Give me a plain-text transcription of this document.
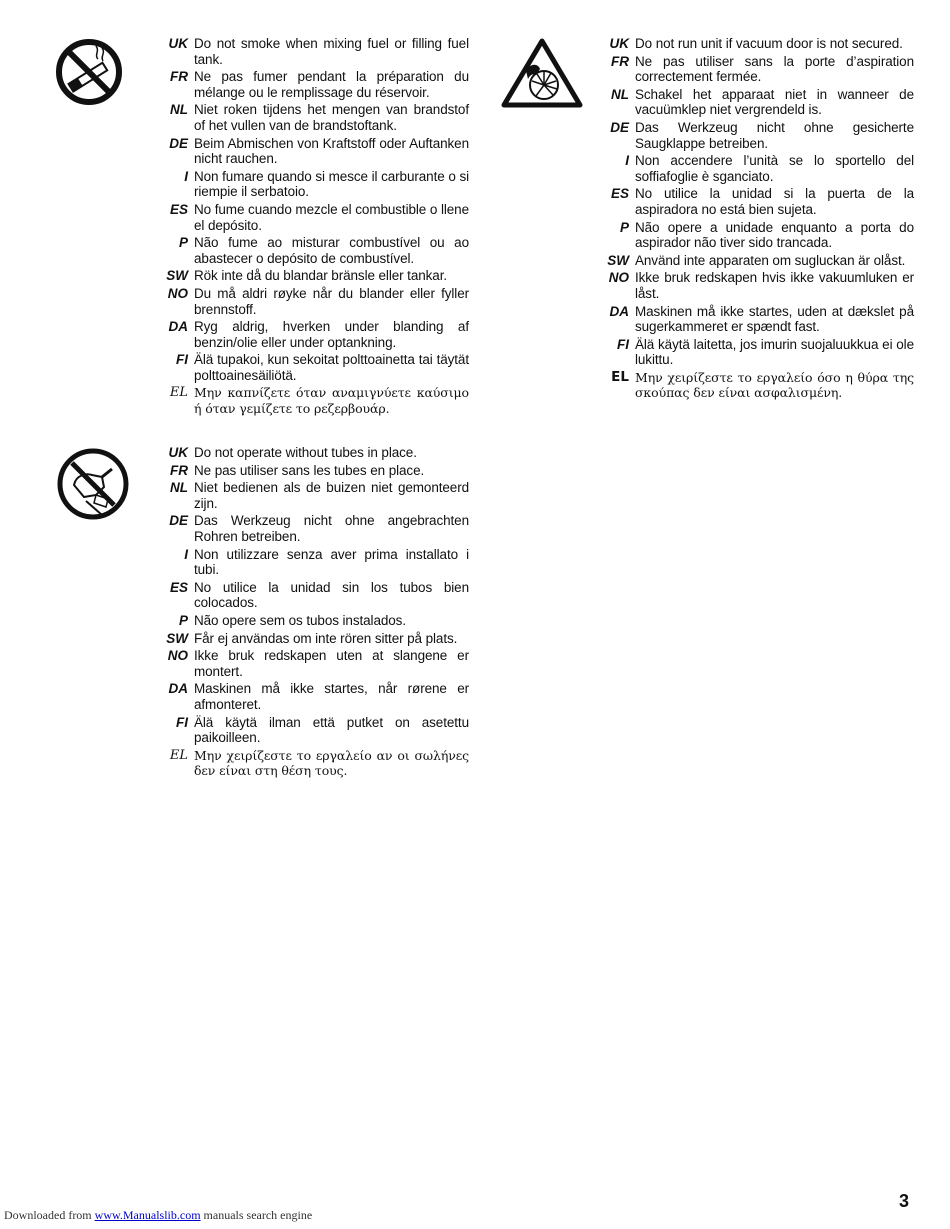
UK Do not smoke when mixing fuel or filling fuel tank.
FR Ne pas fumer pendant la préparation du mélange ou le remplissage du réservoir.
NL Niet roken tijdens het mengen van brandstof of het vullen van de brandstoftank.
DE Beim Abmischen von Kraftstoff oder Auftanken nicht rauchen.
I Non fumare quando si mesce il carburante o si riempie il serbatoio.
ES No fume cuando mezcle el combustible o llene el depósito.
P Não fume ao misturar combustível ou ao abastecer o depósito de combustível.
SW Rök inte då du blandar bränsle eller tankar.
NO Du må aldri røyke når du blander eller fyller brennstoff.
DA Ryg aldrig, hverken under blanding af benzin/olie eller under optankning.
FI Älä tupakoi, kun sekoitat polttoainetta tai täytät polttoainesäiliötä.
EL Μην καπνίζετε όταν αναμιγνύετε καύσιμο ή όταν γεμίζετε το ρεζερβουάρ.
UK Do not run unit if vacuum door is not secured.
FR Ne pas utiliser sans la porte d’aspiration correctement fermée.
NL Schakel het apparaat niet in wanneer de vacuümklep niet vergrendeld is.
DE Das Werkzeug nicht ohne gesicherte Saugklappe betreiben.
I Non accendere l’unità se lo sportello del soffiafoglie è sganciato.
ES No utilice la unidad si la puerta de la aspiradora no está bien sujeta.
P Não opere a unidade enquanto a porta do aspirador não tiver sido trancada.
SW Använd inte apparaten om sugluckan är olåst.
NO Ikke bruk redskapen hvis ikke vakuumluken er låst.
DA Maskinen må ikke startes, uden at dækslet på sugerkammeret er spændt fast.
FI Älä käytä laitetta, jos imurin suojaluukkua ei ole lukittu.
EL Μην χειρίζεστε το εργαλείο όσο η θύρα της σκούπας δεν είναι ασφαλισμένη.
UK Do not operate without tubes in place.
FR Ne pas utiliser sans les tubes en place.
NL Niet bedienen als de buizen niet gemonteerd zijn.
DE Das Werkzeug nicht ohne angebrachten Rohren betreiben.
I Non utilizzare senza aver prima installato i tubi.
ES No utilice la unidad sin los tubos bien colocados.
P Não opere sem os tubos instalados.
SW Får ej användas om inte rören sitter på plats.
NO Ikke bruk redskapen uten at slangene er montert.
DA Maskinen må ikke startes, når rørene er afmonteret.
FI Älä käytä ilman että putket on asetettu paikoilleen.
EL Μην χειρίζεστε το εργαλείο αν οι σωλήνες δεν είναι στη θέση τους.
Downloaded from www.Manualslib.com manuals search engine
3
